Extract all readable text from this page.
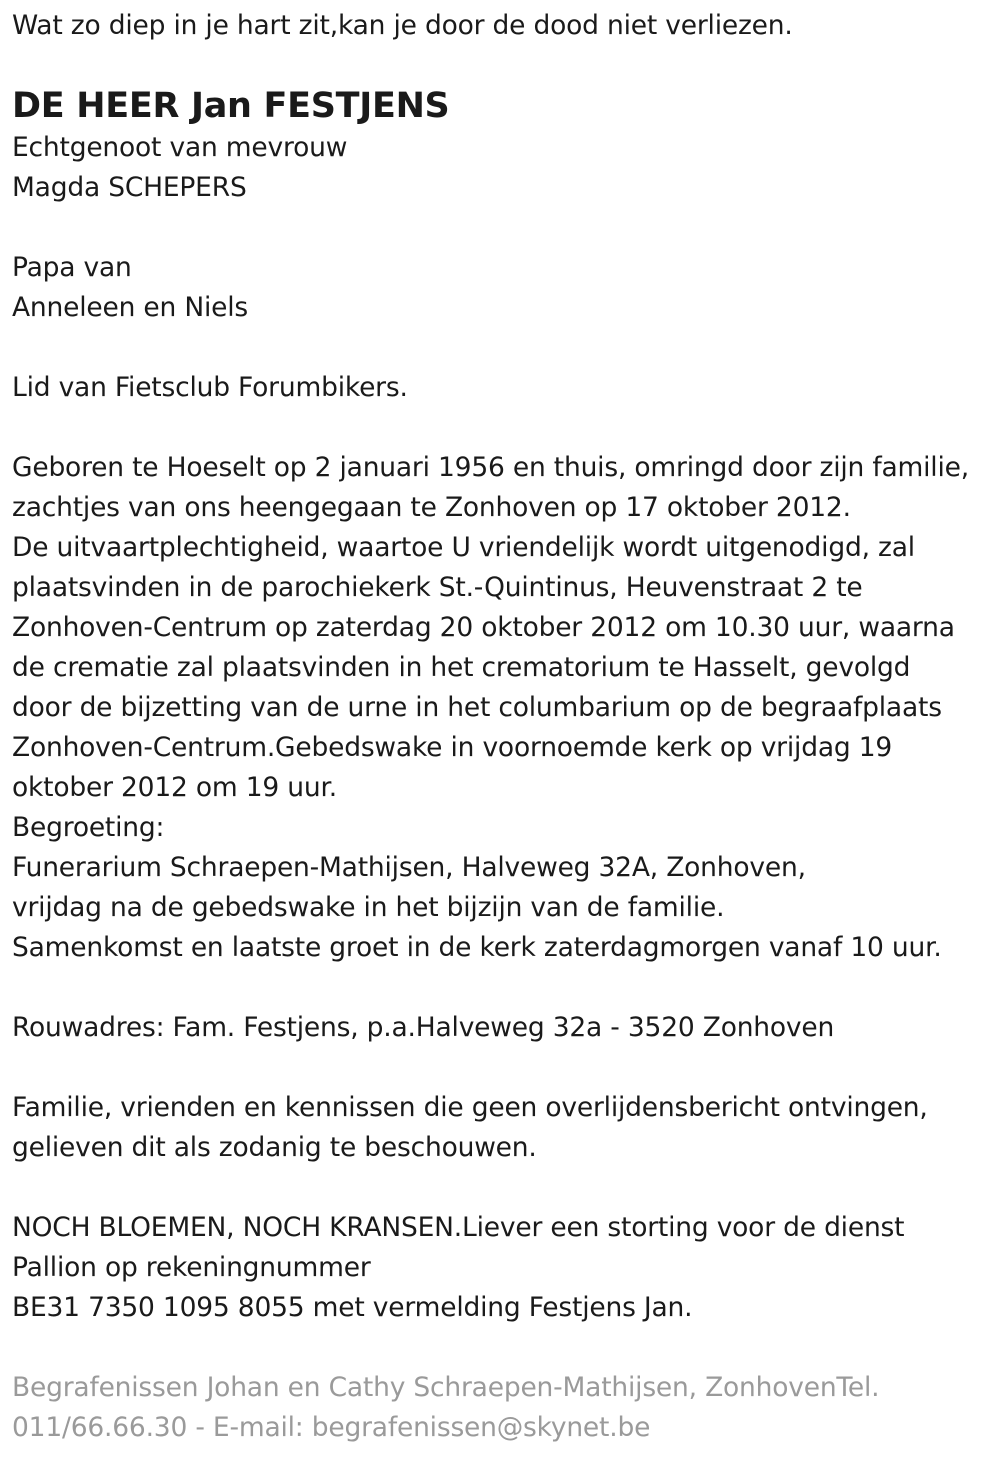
Wat zo diep in je hart zit,kan je door de dood niet verliezen.
DE HEER Jan FESTJENS
Echtgenoot van mevrouw
Magda SCHEPERS
Papa van
Anneleen en Niels
Lid van Fietsclub Forumbikers.
Geboren te Hoeselt op 2 januari 1956 en thuis, omringd door zijn familie,
zachtjes van ons heengegaan te Zonhoven op 17 oktober 2012.
De uitvaartplechtigheid, waartoe U vriendelijk wordt uitgenodigd, zal
plaatsvinden in de parochiekerk St.-Quintinus, Heuvenstraat 2 te
Zonhoven-Centrum op zaterdag 20 oktober 2012 om 10.30 uur, waarna
de crematie zal plaatsvinden in het crematorium te Hasselt, gevolgd
door de bijzetting van de urne in het columbarium op de begraafplaats
Zonhoven-Centrum.Gebedswake in voornoemde kerk op vrijdag 19
oktober 2012 om 19 uur.
Begroeting:
Funerarium Schraepen-Mathijsen, Halveweg 32A, Zonhoven,
vrijdag na de gebedswake in het bijzijn van de familie.
Samenkomst en laatste groet in de kerk zaterdagmorgen vanaf 10 uur.
Rouwadres: Fam. Festjens, p.a.Halveweg 32a - 3520 Zonhoven
Familie, vrienden en kennissen die geen overlijdensbericht ontvingen,
gelieven dit als zodanig te beschouwen.
NOCH BLOEMEN, NOCH KRANSEN.Liever een storting voor de dienst
Pallion op rekeningnummer
BE31 7350 1095 8055 met vermelding Festjens Jan.
Begrafenissen Johan en Cathy Schraepen-Mathijsen, ZonhovenTel.
011/66.66.30 - E-mail: begrafenissen@skynet.be
